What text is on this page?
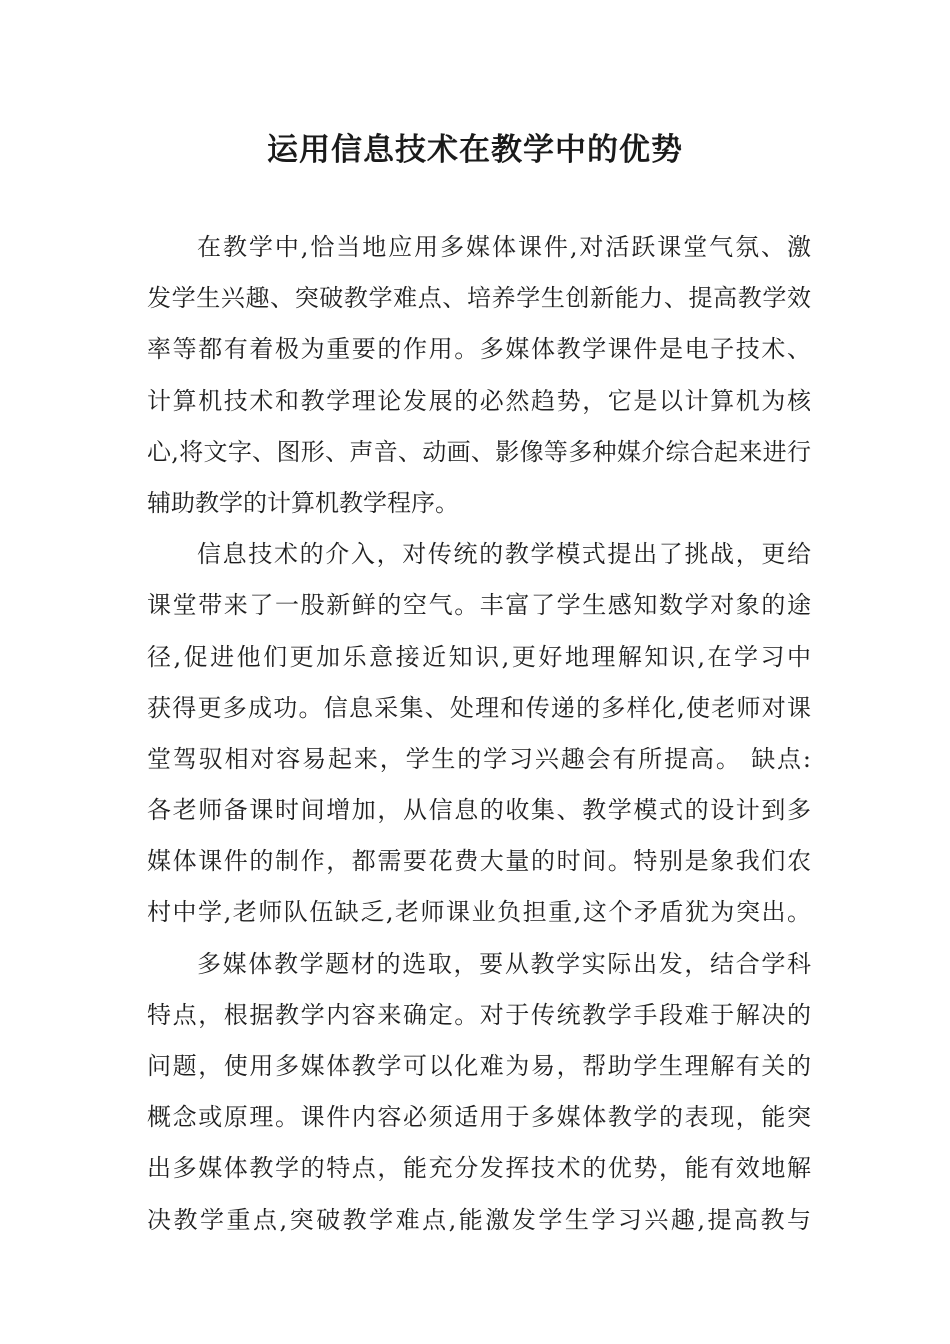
运用信息技术在教学中的优势
在教学中,恰当地应用多媒体课件,对活跃课堂气氛、激
发学生兴趣、突破教学难点、培养学生创新能力、提高教学效
率等都有着极为重要的作用。多媒体教学课件是电子技术、
计算机技术和教学理论发展的必然趋势，它是以计算机为核
心,将文字、图形、声音、动画、影像等多种媒介综合起来进行
辅助教学的计算机教学程序。
信息技术的介入，对传统的教学模式提出了挑战，更给
课堂带来了一股新鲜的空气。丰富了学生感知数学对象的途
径,促进他们更加乐意接近知识,更好地理解知识,在学习中
获得更多成功。信息采集、处理和传递的多样化,使老师对课
堂驾驭相对容易起来，学生的学习兴趣会有所提高。 缺点:
各老师备课时间增加，从信息的收集、教学模式的设计到多
媒体课件的制作，都需要花费大量的时间。特别是象我们农
村中学,老师队伍缺乏,老师课业负担重,这个矛盾犹为突出。
多媒体教学题材的选取，要从教学实际出发，结合学科
特点，根据教学内容来确定。对于传统教学手段难于解决的
问题，使用多媒体教学可以化难为易，帮助学生理解有关的
概念或原理。课件内容必须适用于多媒体教学的表现，能突
出多媒体教学的特点，能充分发挥技术的优势，能有效地解
决教学重点,突破教学难点,能激发学生学习兴趣,提高教与
